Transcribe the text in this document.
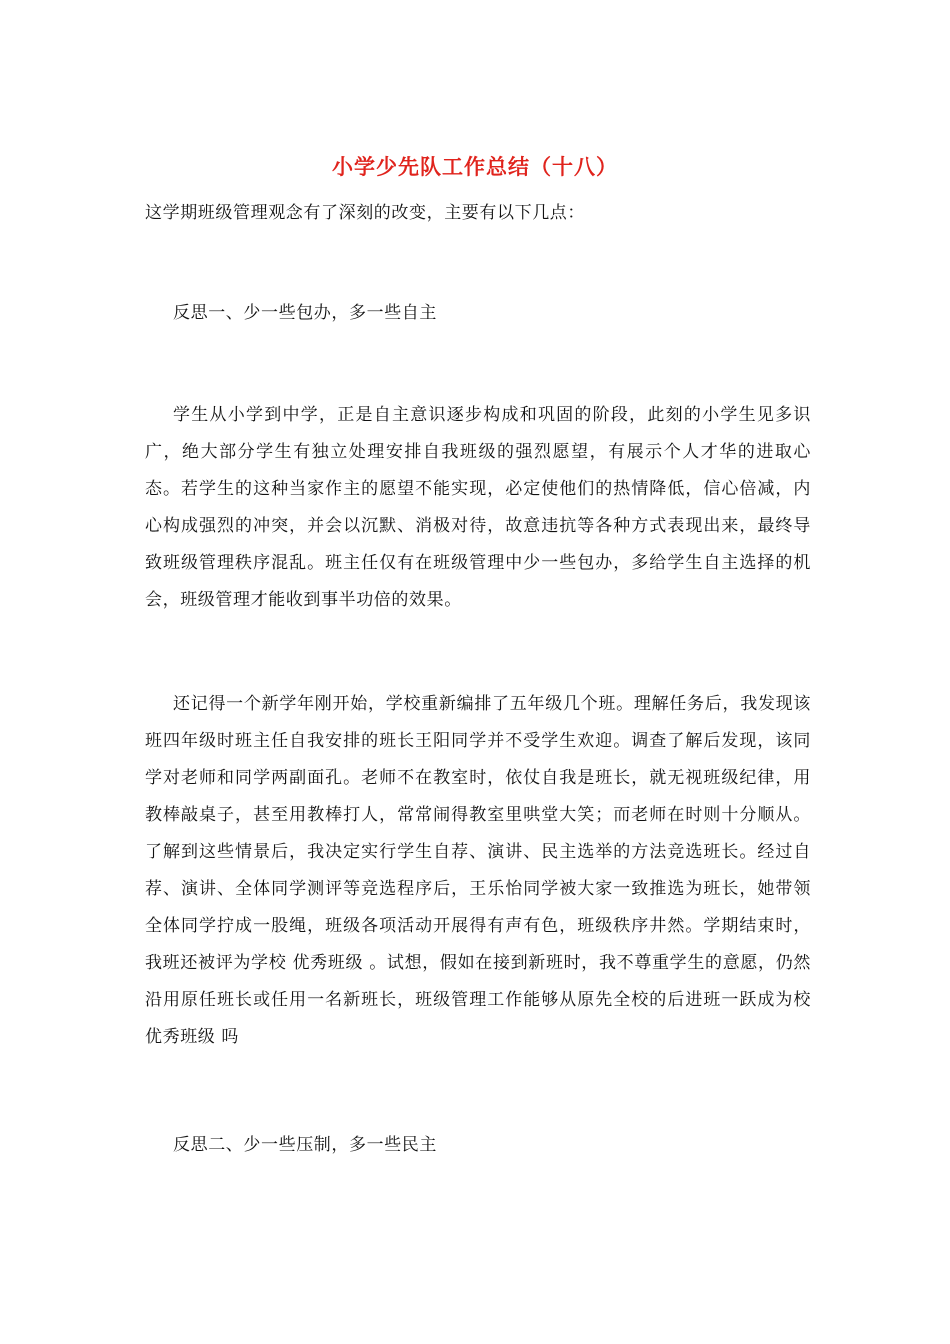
小学少先队工作总结（十八）
这学期班级管理观念有了深刻的改变，主要有以下几点：
反思一、少一些包办，多一些自主
学生从小学到中学，正是自主意识逐步构成和巩固的阶段，此刻的小学生见多识广，绝大部分学生有独立处理安排自我班级的强烈愿望，有展示个人才华的进取心态。若学生的这种当家作主的愿望不能实现，必定使他们的热情降低，信心倍减，内心构成强烈的冲突，并会以沉默、消极对待，故意违抗等各种方式表现出来，最终导致班级管理秩序混乱。班主任仅有在班级管理中少一些包办，多给学生自主选择的机会，班级管理才能收到事半功倍的效果。
还记得一个新学年刚开始，学校重新编排了五年级几个班。理解任务后，我发现该班四年级时班主任自我安排的班长王阳同学并不受学生欢迎。调查了解后发现，该同学对老师和同学两副面孔。老师不在教室时，依仗自我是班长，就无视班级纪律，用教棒敲桌子，甚至用教棒打人，常常闹得教室里哄堂大笑；而老师在时则十分顺从。了解到这些情景后，我决定实行学生自荐、演讲、民主选举的方法竞选班长。经过自荐、演讲、全体同学测评等竞选程序后，王乐怡同学被大家一致推选为班长，她带领全体同学拧成一股绳，班级各项活动开展得有声有色，班级秩序井然。学期结束时，我班还被评为学校 优秀班级 。试想，假如在接到新班时，我不尊重学生的意愿，仍然沿用原任班长或任用一名新班长，班级管理工作能够从原先全校的后进班一跃成为校 优秀班级 吗
反思二、少一些压制，多一些民主
